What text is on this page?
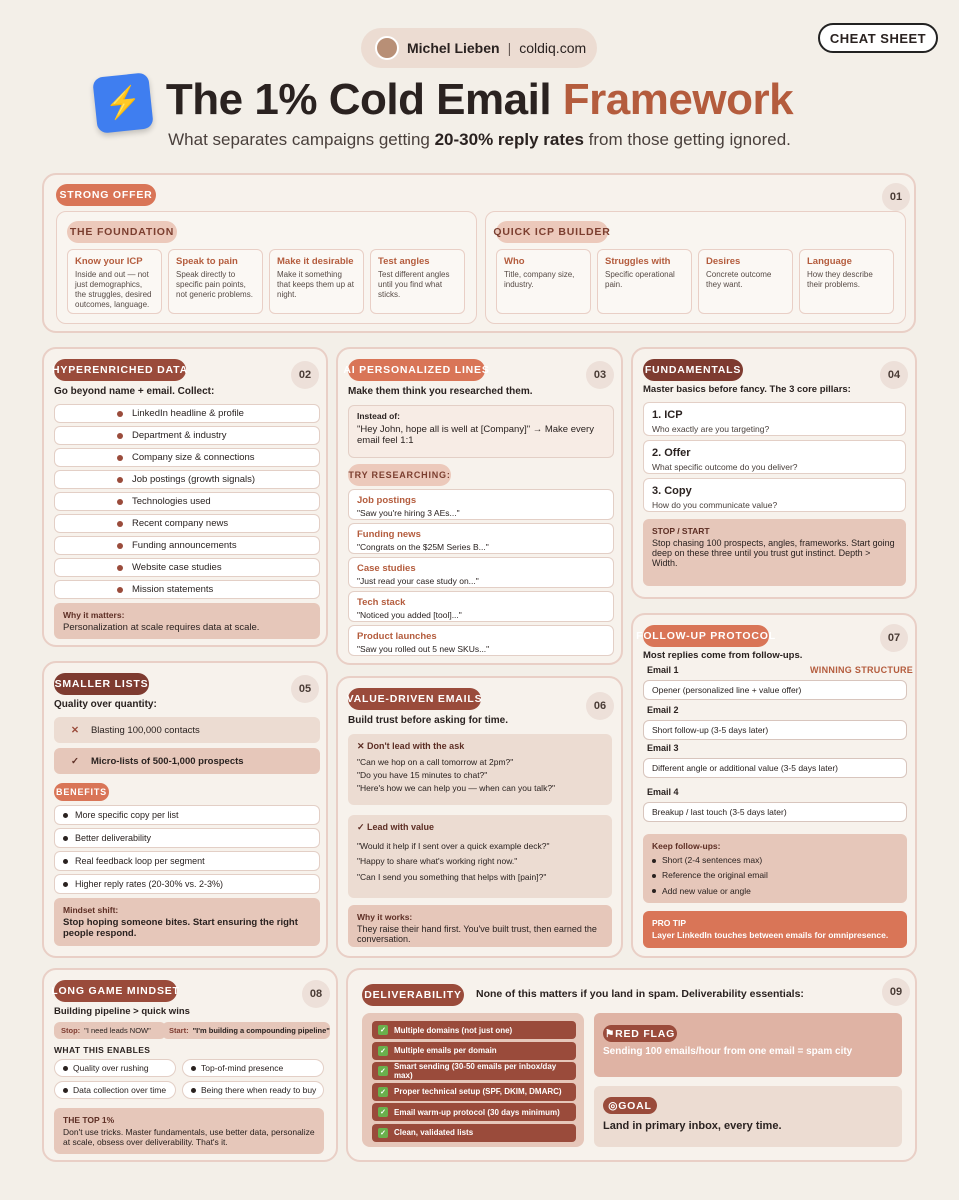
Michel Lieben | coldiq.com
CHEAT SHEET
⚡ The 1% Cold Email Framework
What separates campaigns getting 20-30% reply rates from those getting ignored.
STRONG OFFER	01
THE FOUNDATION
Know your ICP
Inside and out — not just demographics, the struggles, desired outcomes, language.
Speak to pain
Speak directly to specific pain points, not generic problems.
Make it desirable
Make it something that keeps them up at night.
Test angles
Test different angles until you find what sticks.
QUICK ICP BUILDER
Who
Title, company size, industry.
Struggles with
Specific operational pain.
Desires
Concrete outcome they want.
Language
How they describe their problems.
HYPERENRICHED DATA	02
Go beyond name + email. Collect:
Why it matters:
Personalization at scale requires data at scale.
LinkedIn headline & profile
Department & industry
Company size & connections
Job postings (growth signals)
Technologies used
Recent company news
Funding announcements
Website case studies
Mission statements
AI PERSONALIZED LINES	03
Make them think you researched them.
Instead of:
"Hey John, hope all is well at [Company]" → Make every email feel 1:1
TRY RESEARCHING:
Job postings
"Saw you're hiring 3 AEs..."
Funding news
"Congrats on the $25M Series B..."
Case studies
"Just read your case study on..."
Tech stack
"Noticed you added [tool]..."
Product launches
"Saw you rolled out 5 new SKUs..."
FUNDAMENTALS	04
Master basics before fancy. The 3 core pillars:
1. ICP
Who exactly are you targeting?
2. Offer
What specific outcome do you deliver?
3. Copy
How do you communicate value?
STOP / START
Stop chasing 100 prospects, angles, frameworks. Start going deep on these three until you trust gut instinct. Depth > Width.
SMALLER LISTS	05
Quality over quantity:
✕ Blasting 100,000 contacts
✓ Micro-lists of 500-1,000 prospects
BENEFITS
Mindset shift:
Stop hoping someone bites. Start ensuring the right people respond.
More specific copy per list
Better deliverability
Real feedback loop per segment
Higher reply rates (20-30% vs. 2-3%)
VALUE-DRIVEN EMAILS
06
Build trust before asking for time.
✕ Don't lead with the ask
"Can we hop on a call tomorrow at 2pm?"
"Do you have 15 minutes to chat?"
"Here's how we can help you — when can you talk?"
✓ Lead with value
"Would it help if I sent over a quick example deck?"
"Happy to share what's working right now."
"Can I send you something that helps with [pain]?"
Why it works:
They raise their hand first. You've built trust, then earned the conversation.
FOLLOW-UP PROTOCOL	07
Most replies come from follow-ups.
WINNING STRUCTURE
Keep follow-ups:
Short (2-4 sentences max)
Reference the original email
Add new value or angle
PRO TIP
Layer LinkedIn touches between emails for omnipresence.
Email 1
Opener (personalized line + value offer)
Email 2
Short follow-up (3-5 days later)
Email 3
Different angle or additional value (3-5 days later)
Email 4
Breakup / last touch (3-5 days later)
LONG GAME MINDSET	08
Building pipeline > quick wins
Stop: "I need leads NOW" Start: "I'm building a compounding pipeline"
WHAT THIS ENABLES
Quality over rushing	Top-of-mind presence
Data collection over time	Being there when ready to buy
THE TOP 1%
Don't use tricks. Master fundamentals, use better data, personalize at scale, obsess over deliverability. That's it.
DELIVERABILITY	09
None of this matters if you land in spam. Deliverability essentials:
⚑ RED FLAG
Sending 100 emails/hour from one email = spam city
◎ GOAL
Land in primary inbox, every time.
✓ Multiple domains (not just one)
✓ Multiple emails per domain
✓
Smart sending (30-50 emails per inbox/day max)
✓ Proper technical setup (SPF, DKIM, DMARC)
✓ Email warm-up protocol (30 days minimum)
✓ Clean, validated lists
